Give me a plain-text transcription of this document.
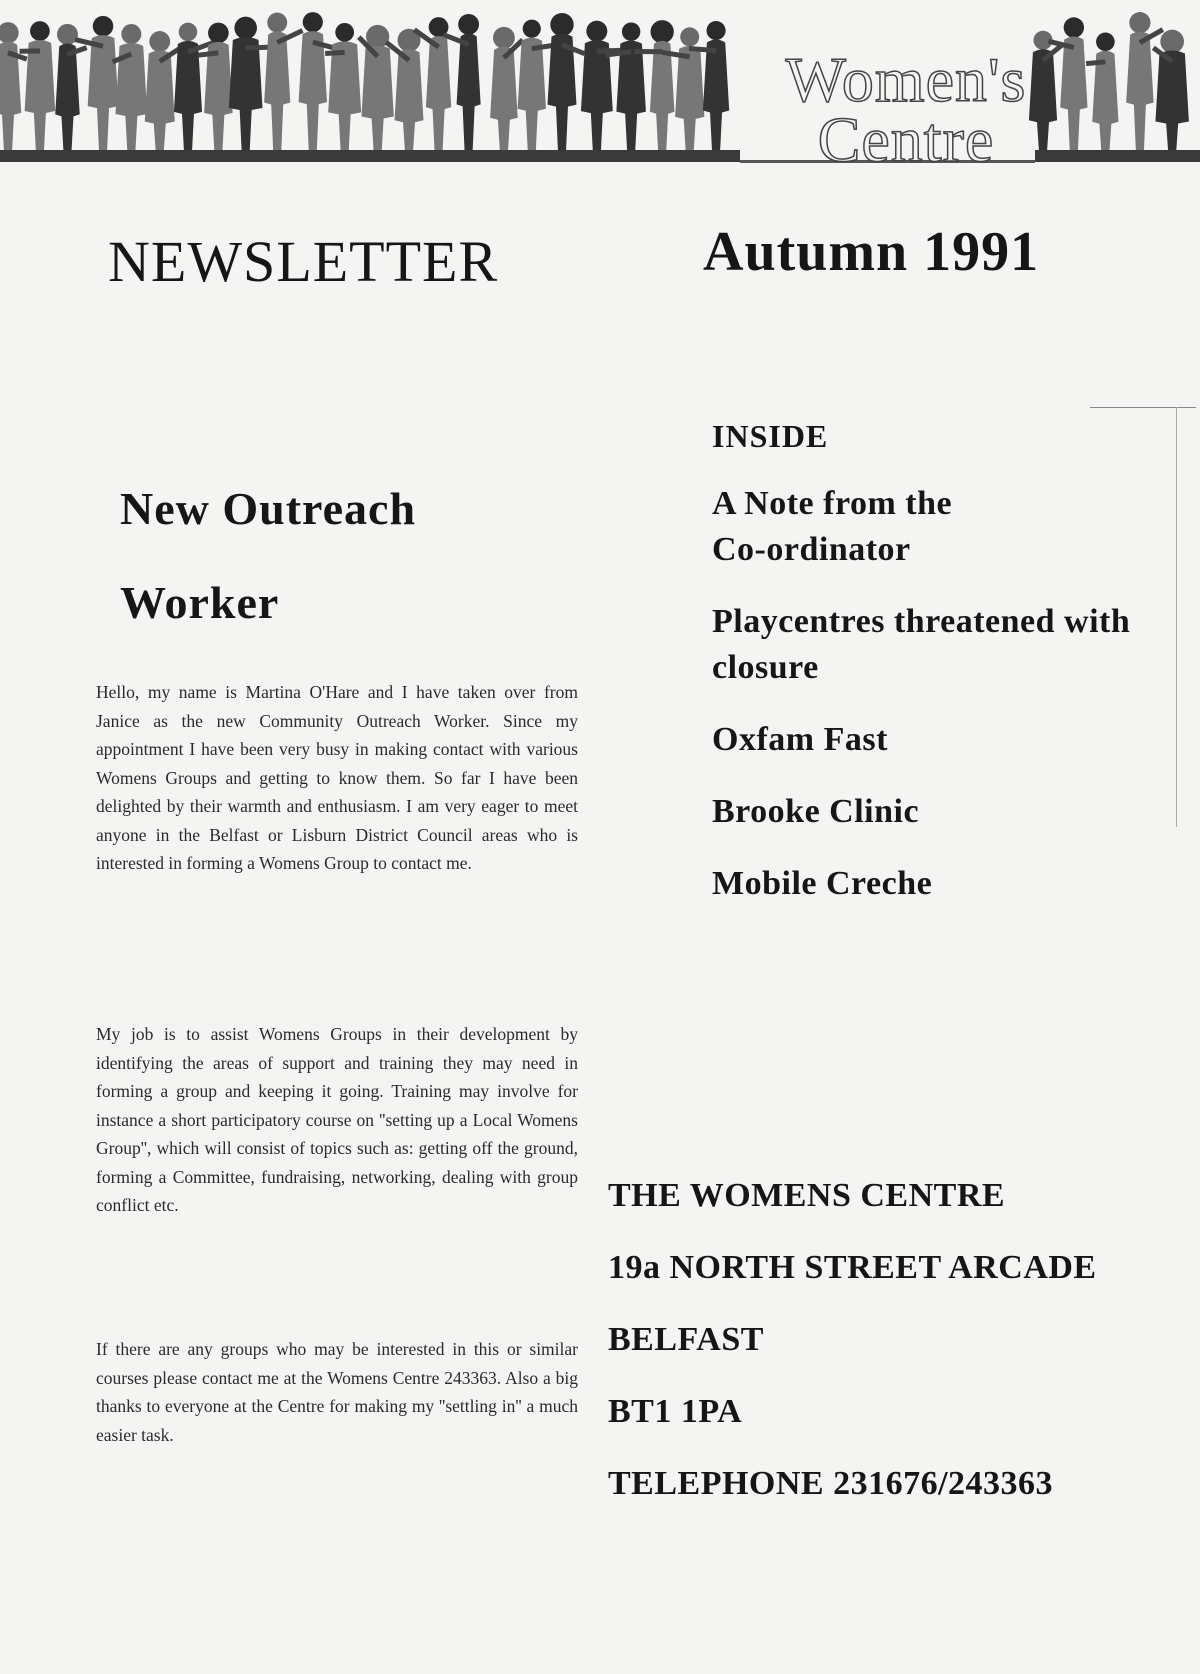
Women's
Centre
NEWSLETTER	Autumn 1991
New Outreach
Worker

Hello, my name is Martina O'Hare and I have taken over from Janice as the new Community Outreach Worker. Since my appointment I have been very busy in making contact with various Womens Groups and getting to know them. So far I have been delighted by their warmth and enthusiasm. I am very eager to meet anyone in the Belfast or Lisburn District Council areas who is interested in forming a Womens Group to contact me.

My job is to assist Womens Groups in their development by identifying the areas of support and training they may need in forming a group and keeping it going. Training may involve for instance a short participatory course on ''setting up a Local Womens Group'', which will consist of topics such as: getting off the ground, forming a Committee, fundraising, networking, dealing with group conflict etc.

If there are any groups who may be interested in this or similar courses please contact me at the Womens Centre 243363. Also a big thanks to everyone at the Centre for making my ''settling in'' a much easier task.

INSIDE
A Note from the Co-ordinator
Playcentres threatened with closure
Oxfam Fast
Brooke Clinic
Mobile Creche
THE WOMENS CENTRE
19a NORTH STREET ARCADE
BELFAST
BT1 1PA
TELEPHONE 231676/243363
